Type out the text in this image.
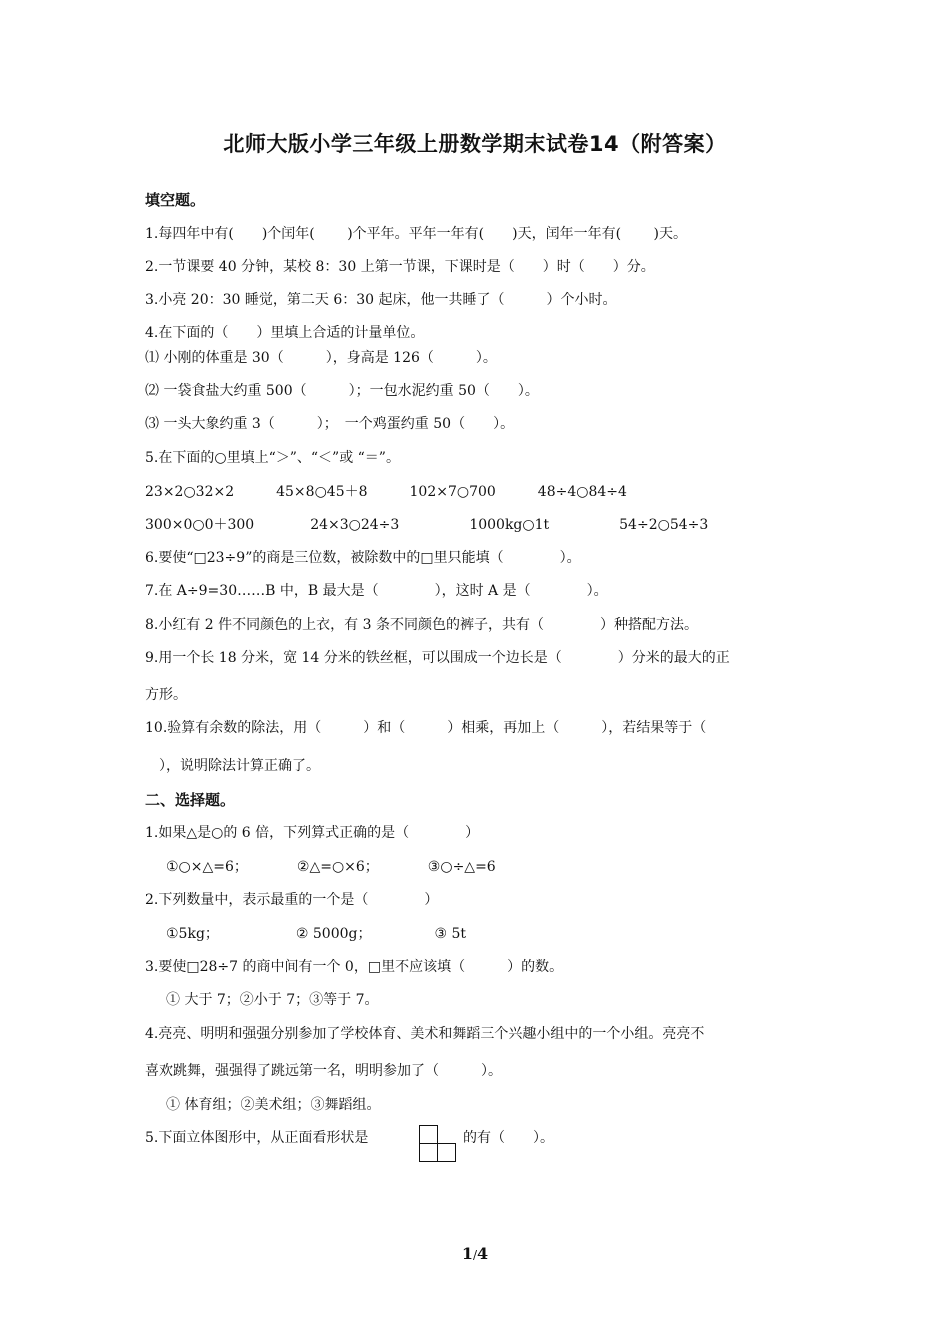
北师大版小学三年级上册数学期末试卷14（附答案）
填空题。
1.每四年中有(　　)个闰年(　　 )个平年。平年一年有(　　)天，闰年一年有(　　 )天。
2.一节课要 40 分钟，某校 8：30 上第一节课，下课时是（　　）时（　　）分。
3.小亮 20：30 睡觉，第二天 6：30 起床，他一共睡了（　　　）个小时。
4.在下面的（　　）里填上合适的计量单位。
⑴ 小刚的体重是 30（　　　），身高是 126（　　　）。
⑵ 一袋食盐大约重 500（　　　）；一包水泥约重 50（　　）。
⑶ 一头大象约重 3（　　　）；　一个鸡蛋约重 50（　　）。
5.在下面的○里填上“＞”、“＜”或 “＝”。
23×2○32×2　　　45×8○45＋8　　　102×7○700　　　48÷4○84÷4
300×0○0＋300　　　　24×3○24÷3　　　　　1000kg○1t　　　　　54÷2○54÷3
6.要使“□23÷9”的商是三位数，被除数中的□里只能填（　　　　）。
7.在 A÷9=30……B 中，B 最大是（　　　　），这时 A 是（　　　　）。
8.小红有 2 件不同颜色的上衣，有 3 条不同颜色的裤子，共有（　　　　）种搭配方法。
9.用一个长 18 分米，宽 14 分米的铁丝框，可以围成一个边长是（　　　　）分米的最大的正
方形。
10.验算有余数的除法，用（　　　）和（　　　）相乘，再加上（　　　），若结果等于（
　），说明除法计算正确了。
二、选择题。
1.如果△是○的 6 倍，下列算式正确的是（　　　　）
①○×△=6；　　　　②△=○×6；　　　　③○÷△=6
2.下列数量中，表示最重的一个是（　　　　）
①5kg；　　　　　　② 5000g；　　　　　③ 5t
3.要使□28÷7 的商中间有一个 0，□里不应该填（　　　）的数。
① 大于 7；②小于 7；③等于 7。
4.亮亮、明明和强强分别参加了学校体育、美术和舞蹈三个兴趣小组中的一个小组。亮亮不
喜欢跳舞，强强得了跳远第一名，明明参加了（　　　）。
① 体育组；②美术组；③舞蹈组。
5.下面立体图形中，从正面看形状是	的有（　　）。
1/4
